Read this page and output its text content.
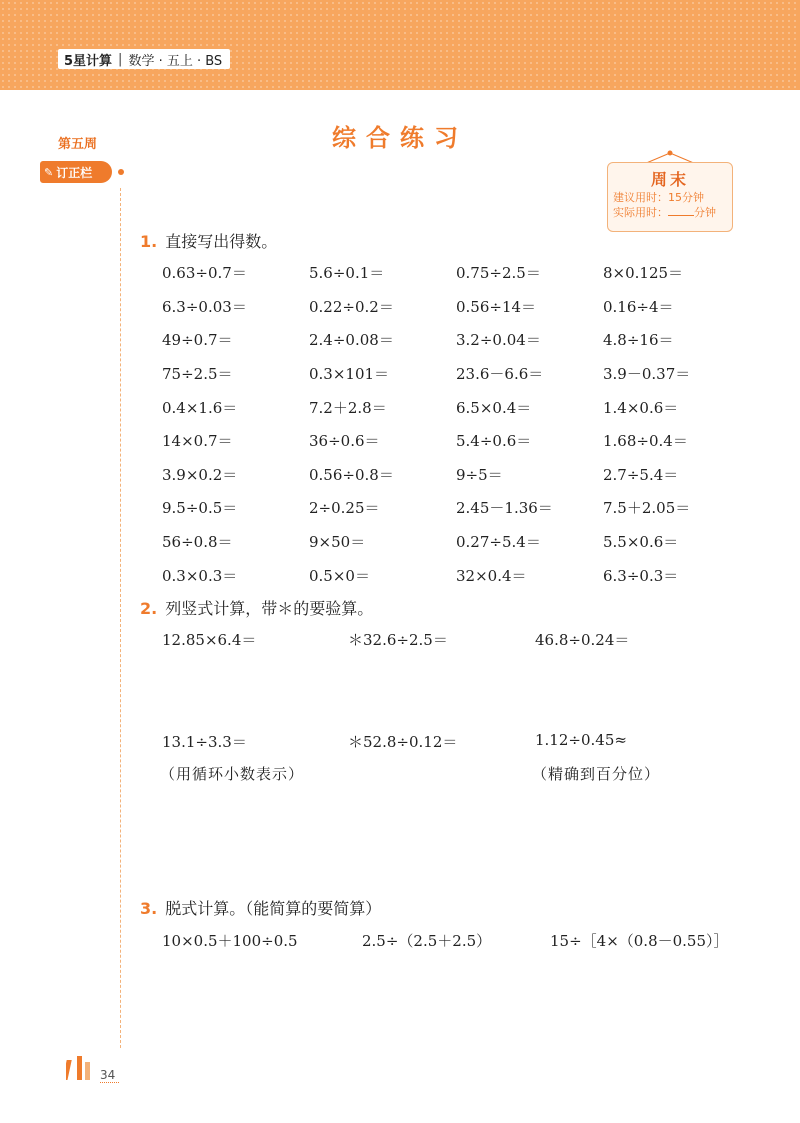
5星计算 | 数学 · 五上 · BS
第五周
✎ 订正栏
综合练习
周末
建议用时：15分钟
实际用时： 分钟
1. 直接写出得数。
0.63÷0.7＝	5.6÷0.1＝	0.75÷2.5＝	8×0.125＝
6.3÷0.03＝	0.22÷0.2＝	0.56÷14＝	0.16÷4＝
49÷0.7＝	2.4÷0.08＝	3.2÷0.04＝	4.8÷16＝
75÷2.5＝	0.3×101＝	23.6－6.6＝	3.9－0.37＝
0.4×1.6＝	7.2＋2.8＝	6.5×0.4＝	1.4×0.6＝
14×0.7＝	36÷0.6＝	5.4÷0.6＝	1.68÷0.4＝
3.9×0.2＝	0.56÷0.8＝	9÷5＝	2.7÷5.4＝
9.5÷0.5＝	2÷0.25＝	2.45－1.36＝	7.5＋2.05＝
56÷0.8＝	9×50＝	0.27÷5.4＝	5.5×0.6＝
0.3×0.3＝	0.5×0＝	32×0.4＝	6.3÷0.3＝
2. 列竖式计算，带＊的要验算。
12.85×6.4＝	＊32.6÷2.5＝	46.8÷0.24＝
13.1÷3.3＝	＊52.8÷0.12＝	1.12÷0.45≈
（用循环小数表示）	（精确到百分位）
3. 脱式计算。（能简算的要简算）
10×0.5＋100÷0.5	2.5÷（2.5＋2.5）	15÷［4×（0.8－0.55）］
34
